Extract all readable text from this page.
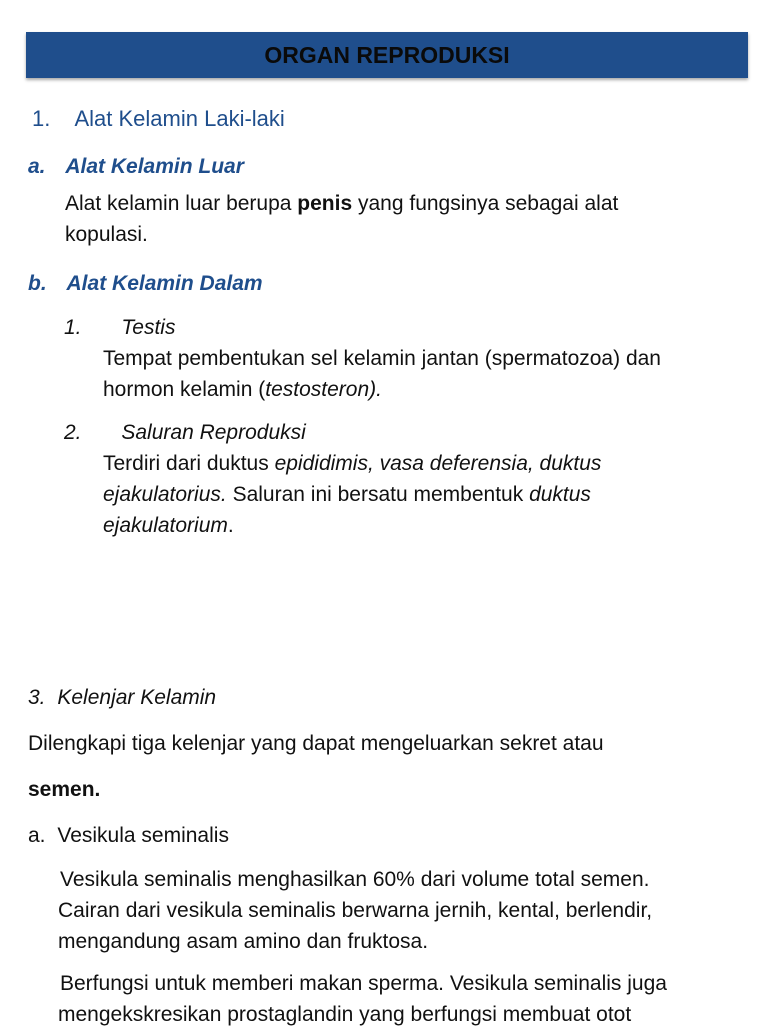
ORGAN REPRODUKSI
1. Alat Kelamin Laki-laki
a. Alat Kelamin Luar
Alat kelamin luar berupa penis yang fungsinya sebagai alat
kopulasi.
b. Alat Kelamin Dalam
1. Testis
Tempat pembentukan sel kelamin jantan (spermatozoa) dan
hormon kelamin (testosteron).
2. Saluran Reproduksi
Terdiri dari duktus epididimis, vasa deferensia, duktus
ejakulatorius. Saluran ini bersatu membentuk duktus
ejakulatorium.
3. Kelenjar Kelamin
Dilengkapi tiga kelenjar yang dapat mengeluarkan sekret atau
semen.
a. Vesikula seminalis
Vesikula seminalis menghasilkan 60% dari volume total semen.
Cairan dari vesikula seminalis berwarna jernih, kental, berlendir,
mengandung asam amino dan fruktosa.
Berfungsi untuk memberi makan sperma. Vesikula seminalis juga
mengekskresikan prostaglandin yang berfungsi membuat otot
